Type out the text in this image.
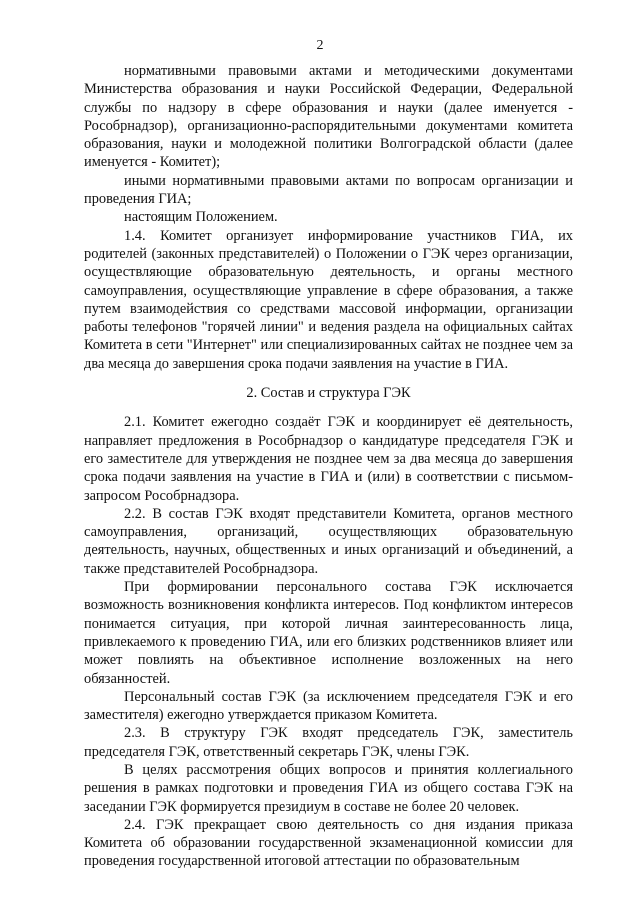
2

нормативными правовыми актами и методическими документами Министерства образования и науки Российской Федерации, Федеральной службы по надзору в сфере образования и науки (далее именуется - Рособрнадзор), организационно-распорядительными документами комитета образования, науки и молодежной политики Волгоградской области (далее именуется - Комитет);

иными нормативными правовыми актами по вопросам организации и проведения ГИА;

настоящим Положением.

1.4. Комитет организует информирование участников ГИА, их родителей (законных представителей) о Положении о ГЭК через организации, осуществляющие образовательную деятельность, и органы местного самоуправления, осуществляющие управление в сфере образования, а также путем взаимодействия со средствами массовой информации, организации работы телефонов "горячей линии" и ведения раздела на официальных сайтах Комитета в сети "Интернет" или специализированных сайтах не позднее чем за два месяца до завершения срока подачи заявления на участие в ГИА.

2. Состав и структура ГЭК

2.1. Комитет ежегодно создаёт ГЭК и координирует её деятельность, направляет предложения в Рособрнадзор о кандидатуре председателя ГЭК и его заместителе для утверждения не позднее чем за два месяца до завершения срока подачи заявления на участие в ГИА и (или) в соответствии с письмом-запросом Рособрнадзора.

2.2. В состав ГЭК входят представители Комитета, органов местного самоуправления, организаций, осуществляющих образовательную деятельность, научных, общественных и иных организаций и объединений, а также представителей Рособрнадзора.

При формировании персонального состава ГЭК исключается возможность возникновения конфликта интересов. Под конфликтом интересов понимается ситуация, при которой личная заинтересованность лица, привлекаемого к проведению ГИА, или его близких родственников влияет или может повлиять на объективное исполнение возложенных на него обязанностей.

Персональный состав ГЭК (за исключением председателя ГЭК и его заместителя) ежегодно утверждается приказом Комитета.

2.3. В структуру ГЭК входят председатель ГЭК, заместитель председателя ГЭК, ответственный секретарь ГЭК, члены ГЭК.

В целях рассмотрения общих вопросов и принятия коллегиального решения в рамках подготовки и проведения ГИА из общего состава ГЭК на заседании ГЭК формируется президиум в составе не более 20 человек.

2.4. ГЭК прекращает свою деятельность со дня издания приказа Комитета об образовании государственной экзаменационной комиссии для проведения государственной итоговой аттестации по образовательным
